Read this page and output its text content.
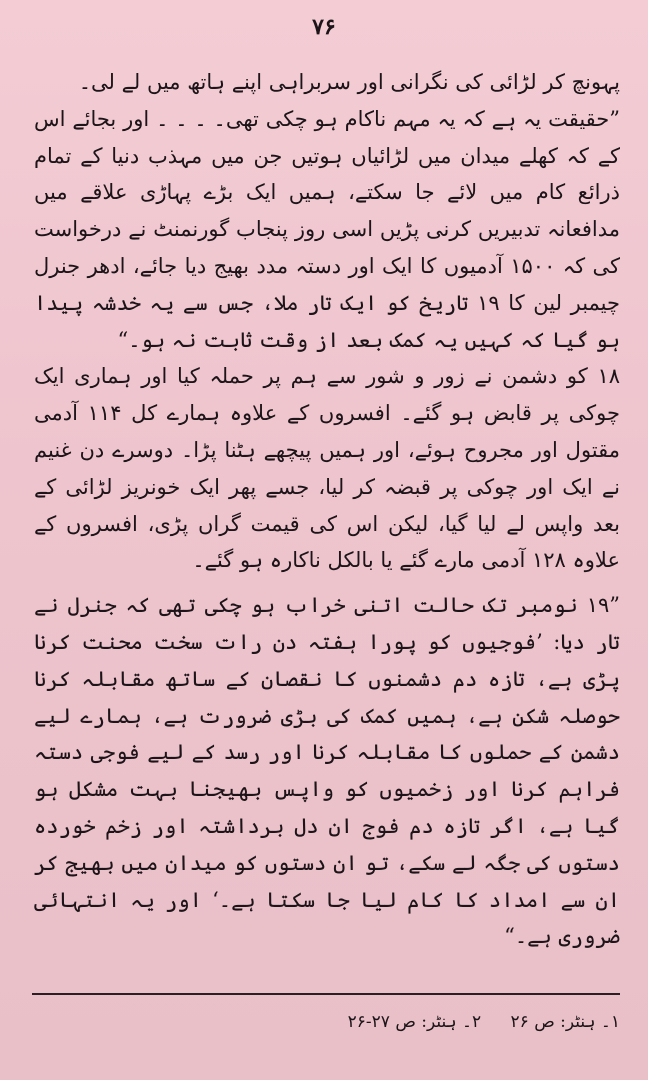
۷۶

پہونچ کر لڑائی کی نگرانی اور سربراہی اپنے ہاتھ میں لے لی۔

”حقیقت یہ ہے کہ یہ مہم ناکام ہو چکی تھی۔ ۔ ۔ ۔ اور بجائے اس کے کہ کھلے میدان میں لڑائیاں ہوتیں جن میں مہذب دنیا کے تمام ذرائع کام میں لائے جا سکتے، ہمیں ایک بڑے پہاڑی علاقے میں مدافعانہ تدبیریں کرنی پڑیں اسی روز پنجاب گورنمنٹ نے درخواست کی کہ ۱۵۰۰ آدمیوں کا ایک اور دستہ مدد بھیج دیا جائے، ادھر جنرل چیمبر لین کا ۱۹ تاریخ کو ایک تار ملا، جس سے یہ خدشہ پیدا ہو گیا کہ کہیں یہ کمک بعد از وقت ثابت نہ ہو۔“

۱۸ کو دشمن نے زور و شور سے ہم پر حملہ کیا اور ہماری ایک چوکی پر قابض ہو گئے۔ افسروں کے علاوہ ہمارے کل ۱۱۴ آدمی مقتول اور مجروح ہوئے، اور ہمیں پیچھے ہٹنا پڑا۔ دوسرے دن غنیم نے ایک اور چوکی پر قبضہ کر لیا، جسے پھر ایک خونریز لڑائی کے بعد واپس لے لیا گیا، لیکن اس کی قیمت گراں پڑی، افسروں کے علاوہ ۱۲۸ آدمی مارے گئے یا بالکل ناکارہ ہو گئے۔

”۱۹ نومبر تک حالت اتنی خراب ہو چکی تھی کہ جنرل نے تار دیا: ’فوجیوں کو پورا ہفتہ دن رات سخت محنت کرنا پڑی ہے، تازہ دم دشمنوں کا نقصان کے ساتھ مقابلہ کرنا حوصلہ شکن ہے، ہمیں کمک کی بڑی ضرورت ہے، ہمارے لیے دشمن کے حملوں کا مقابلہ کرنا اور رسد کے لیے فوجی دستہ فراہم کرنا اور زخمیوں کو واپس بھیجنا بہت مشکل ہو گیا ہے، اگر تازہ دم فوج ان دل برداشتہ اور زخم خوردہ دستوں کی جگہ لے سکے، تو ان دستوں کو میدان میں بھیج کر ان سے امداد کا کام لیا جا سکتا ہے۔‘ اور یہ انتہائی ضروری ہے۔“

۱۔ ہنٹر: ص ۲۶ ۲۔ ہنٹر: ص ۲۷-۲۶
